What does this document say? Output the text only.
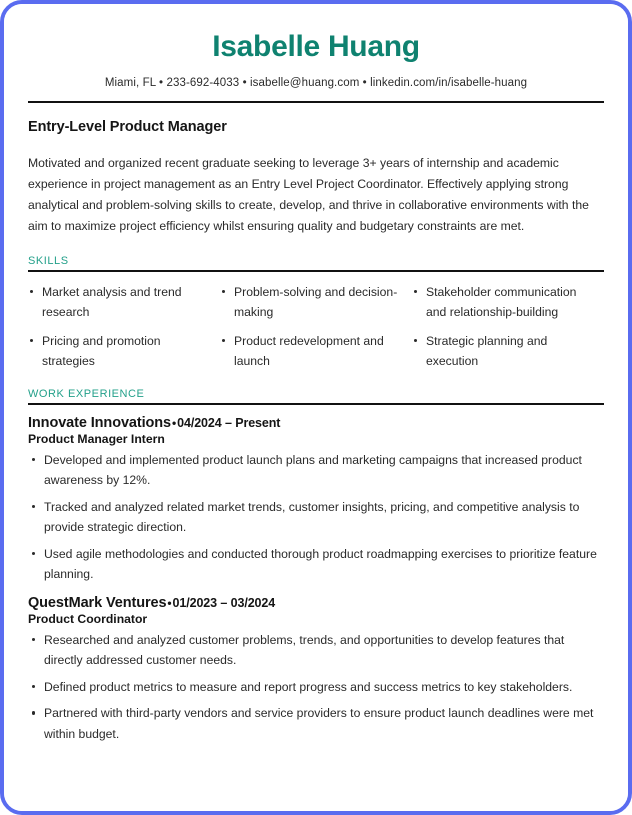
Isabelle Huang
Miami, FL • 233-692-4033 • isabelle@huang.com • linkedin.com/in/isabelle-huang
Entry-Level Product Manager
Motivated and organized recent graduate seeking to leverage 3+ years of internship and academic experience in project management as an Entry Level Project Coordinator. Effectively applying strong analytical and problem-solving skills to create, develop, and thrive in collaborative environments with the aim to maximize project efficiency whilst ensuring quality and budgetary constraints are met.
SKILLS
Market analysis and trend research
Pricing and promotion strategies
Problem-solving and decision-making
Product redevelopment and launch
Stakeholder communication and relationship-building
Strategic planning and execution
WORK EXPERIENCE
Innovate Innovations•04/2024 – Present
Product Manager Intern
Developed and implemented product launch plans and marketing campaigns that increased product awareness by 12%.
Tracked and analyzed related market trends, customer insights, pricing, and competitive analysis to provide strategic direction.
Used agile methodologies and conducted thorough product roadmapping exercises to prioritize feature planning.
QuestMark Ventures•01/2023 – 03/2024
Product Coordinator
Researched and analyzed customer problems, trends, and opportunities to develop features that directly addressed customer needs.
Defined product metrics to measure and report progress and success metrics to key stakeholders.
Partnered with third-party vendors and service providers to ensure product launch deadlines were met within budget.
